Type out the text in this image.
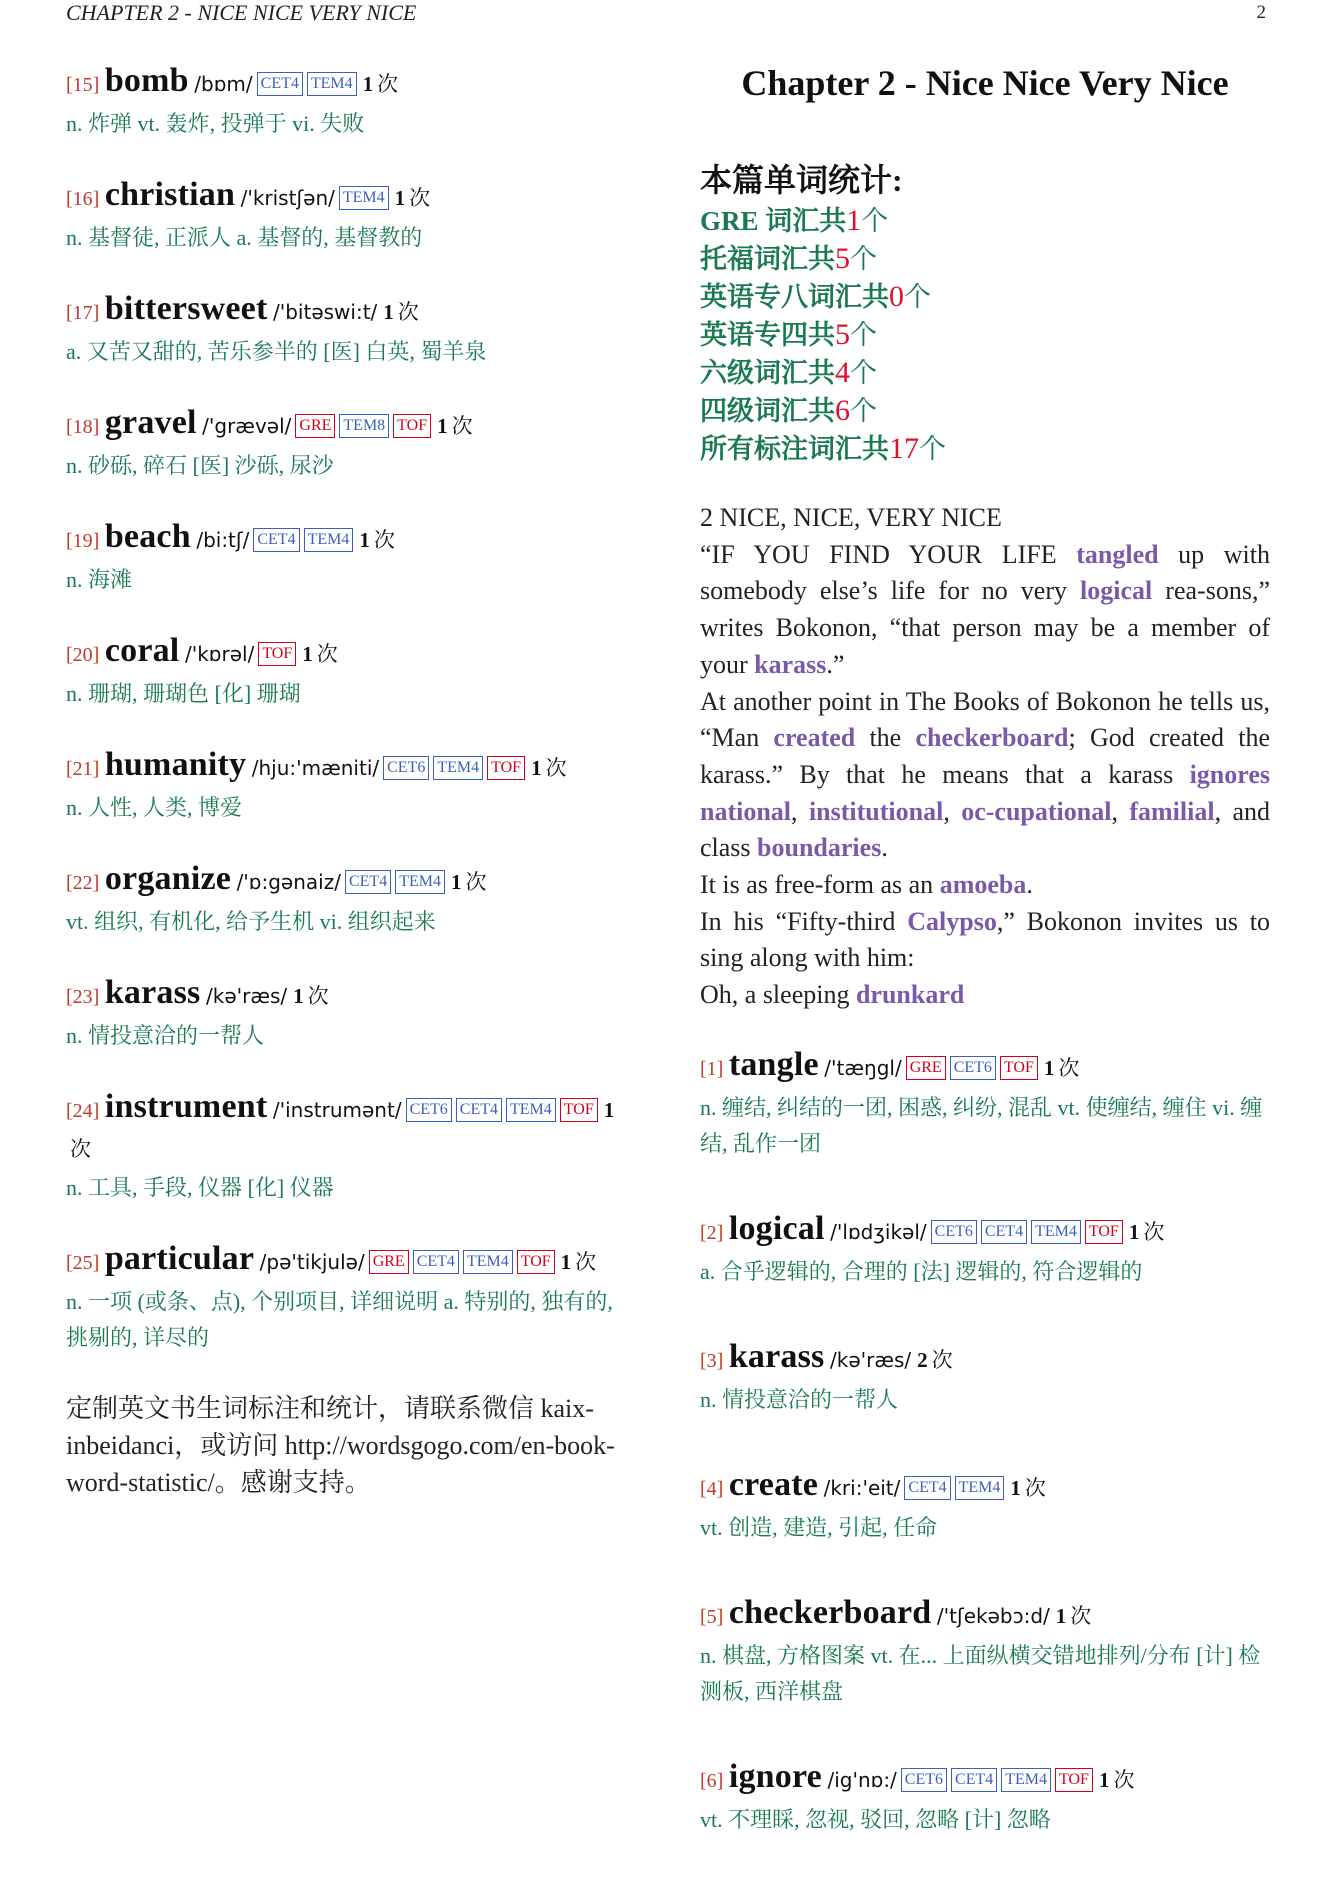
CHAPTER 2 - NICE NICE VERY NICE	2
[15] bomb /bɒm/ CET4 TEM4 1 次
n. 炸弹 vt. 轰炸, 投弹于 vi. 失败
[16] christian /'kristʃən/ TEM4 1 次
n. 基督徒, 正派人 a. 基督的, 基督教的
[17] bittersweet /'bitəswi:t/ 1 次
a. 又苦又甜的, 苦乐参半的 [医] 白英, 蜀羊泉
[18] gravel /'grævəl/ GRE TEM8 TOF 1 次
n. 砂砾, 碎石 [医] 沙砾, 尿沙
[19] beach /bi:tʃ/ CET4 TEM4 1 次
n. 海滩
[20] coral /'kɒrəl/ TOF 1 次
n. 珊瑚, 珊瑚色 [化] 珊瑚
[21] humanity /hju:'mæniti/ CET6 TEM4 TOF 1 次
n. 人性, 人类, 博爱
[22] organize /'ɒ:gənaiz/ CET4 TEM4 1 次
vt. 组织, 有机化, 给予生机 vi. 组织起来
[23] karass /kə'ræs/ 1 次
n. 情投意洽的一帮人
[24] instrument /'instrumənt/ CET6 CET4 TEM4 TOF 1次
n. 工具, 手段, 仪器 [化] 仪器
[25] particular /pə'tikjulə/ GRE CET4 TEM4 TOF 1 次
n. 一项 (或条、点), 个别项目, 详细说明 a. 特别的, 独有的, 挑剔的, 详尽的
定制英文书生词标注和统计，请联系微信 kaix-inbeidanci，或访问 http://wordsgogo.com/en-book-word-statistic/。感谢支持。
Chapter 2 - Nice Nice Very Nice
本篇单词统计:
GRE 词汇共1个
托福词汇共5个
英语专八词汇共0个
英语专四共5个
六级词汇共4个
四级词汇共6个
所有标注词汇共17个

2 NICE, NICE, VERY NICE

“IF YOU FIND YOUR LIFE tangled up with somebody else’s life for no very logical rea-sons,” writes Bokonon, “that person may be a member of your karass.”

At another point in The Books of Bokonon he tells us, “Man created the checkerboard; God created the karass.” By that he means that a karass ignores national, institutional, oc-cupational, familial, and class boundaries.

It is as free-form as an amoeba.

In his “Fifty-third Calypso,” Bokonon invites us to sing along with him:

Oh, a sleeping drunkard

[1] tangle /'tæŋgl/ GRE CET6 TOF 1 次
n. 缠结, 纠结的一团, 困惑, 纠纷, 混乱 vt. 使缠结, 缠住 vi. 缠结, 乱作一团
[2] logical /'lɒdʒikəl/ CET6 CET4 TEM4 TOF 1 次
a. 合乎逻辑的, 合理的 [法] 逻辑的, 符合逻辑的
[3] karass /kə'ræs/ 2 次
n. 情投意洽的一帮人
[4] create /kri:'eit/ CET4 TEM4 1 次
vt. 创造, 建造, 引起, 任命
[5] checkerboard /'tʃekəbɔ:d/ 1 次
n. 棋盘, 方格图案 vt. 在... 上面纵横交错地排列/分布 [计] 检测板, 西洋棋盘
[6] ignore /ig'nɒ:/ CET6 CET4 TEM4 TOF 1 次
vt. 不理睬, 忽视, 驳回, 忽略 [计] 忽略
